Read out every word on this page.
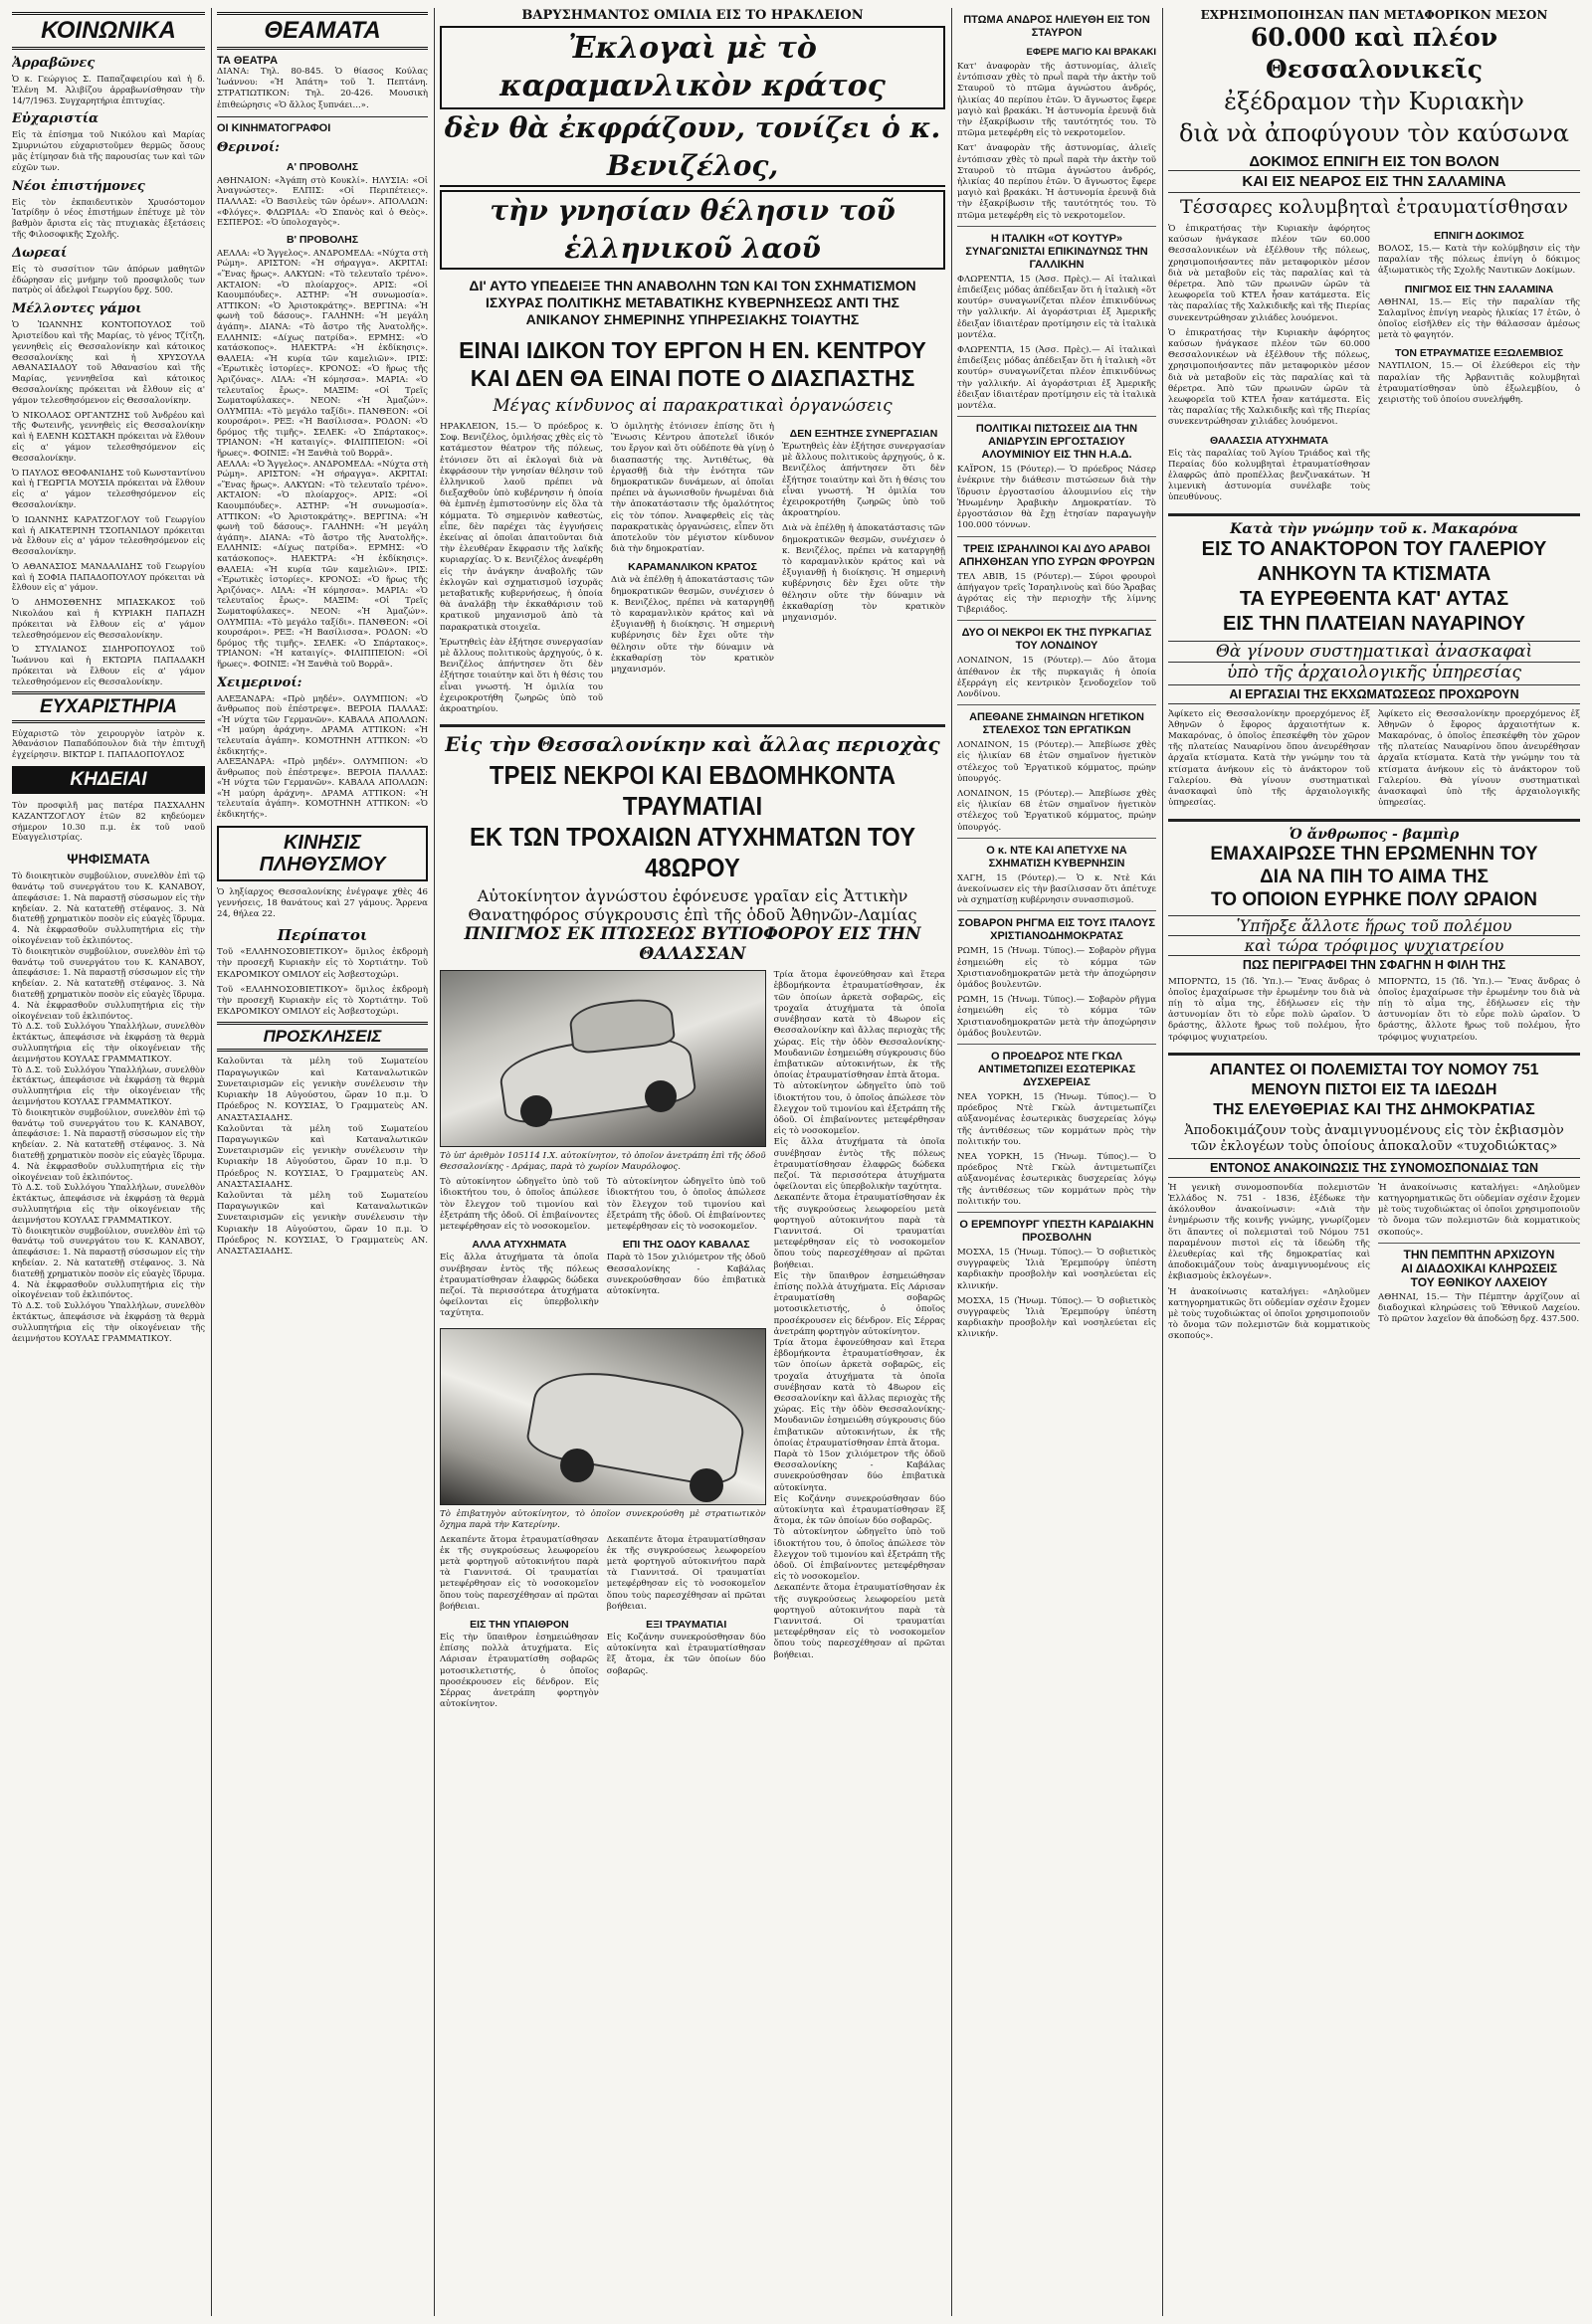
ΚΟΙΝΩΝΙΚΑ
Ἀρραβῶνες

Ὁ κ. Γεώργιος Σ. Παπαζαφειρίου καὶ ἡ δ. Ἑλένη Μ. Ἀλιβίζου ἀρραβωνίσθησαν τὴν 14/7/1963. Συγχαρητήρια ἐπιτυχίας.

Εὐχαριστία

Εἰς τὰ ἐπίσημα τοῦ Νικόλου καὶ Μαρίας Σμυρνιώτου εὐχαριστοῦμεν θερμῶς ὅσους μᾶς ἐτίμησαν διὰ τῆς παρουσίας των καὶ τῶν εὐχῶν των.

Νέοι ἐπιστήμονες

Εἰς τὸν ἐκπαιδευτικὸν Χρυσόστομον Ἰατρίδην ὁ νέος ἐπιστήμων ἐπέτυχε μὲ τὸν βαθμὸν ἄριστα εἰς τὰς πτυχιακὰς ἐξετάσεις τῆς Φιλοσοφικῆς Σχολῆς.

Δωρεαί

Εἰς τὸ συσσίτιον τῶν ἀπόρων μαθητῶν ἐδώρησαν εἰς μνήμην τοῦ προσφιλοῦς των πατρὸς οἱ ἀδελφοὶ Γεωργίου δρχ. 500.

Μέλλοντες γάμοι

Ὁ ἸΩΑΝΝΗΣ ΚΟΝΤΟΠΟΥΛΟΣ τοῦ Ἀριστείδου καὶ τῆς Μαρίας, τὸ γένος Τζίτζη, γεννηθεὶς εἰς Θεσσαλονίκην καὶ κάτοικος Θεσσαλονίκης καὶ ἡ ΧΡΥΣΟΥΛΑ ΑΘΑΝΑΣΙΑΔΟΥ τοῦ Ἀθανασίου καὶ τῆς Μαρίας, γεννηθεῖσα καὶ κάτοικος Θεσσαλονίκης πρόκειται νὰ ἔλθουν εἰς α' γάμον τελεσθησόμενον εἰς Θεσσαλονίκην.

Ὁ ΝΙΚΟΛΑΟΣ ΟΡΓΑΝΤΖΗΣ τοῦ Ἀνδρέου καὶ τῆς Φωτεινῆς, γεννηθεὶς εἰς Θεσσαλονίκην καὶ ἡ ΕΛΕΝΗ ΚΩΣΤΑΚΗ πρόκειται νὰ ἔλθουν εἰς α' γάμον τελεσθησόμενον εἰς Θεσσαλονίκην.

Ὁ ΠΑΥΛΟΣ ΘΕΟΦΑΝΙΔΗΣ τοῦ Κωνσταντίνου καὶ ἡ ΓΕΩΡΓΙΑ ΜΟΥΣΙΑ πρόκειται νὰ ἔλθουν εἰς α' γάμον τελεσθησόμενον εἰς Θεσσαλονίκην.

Ὁ ΙΩΑΝΝΗΣ ΚΑΡΑΤΖΟΓΛΟΥ τοῦ Γεωργίου καὶ ἡ ΑΙΚΑΤΕΡΙΝΗ ΤΣΟΠΑΝΙΔΟΥ πρόκειται νὰ ἔλθουν εἰς α' γάμον τελεσθησόμενον εἰς Θεσσαλονίκην.

Ὁ ΑΘΑΝΑΣΙΟΣ ΜΑΝΔΑΛΙΔΗΣ τοῦ Γεωργίου καὶ ἡ ΣΟΦΙΑ ΠΑΠΑΔΟΠΟΥΛΟΥ πρόκειται νὰ ἔλθουν εἰς α' γάμον.

Ὁ ΔΗΜΟΣΘΕΝΗΣ ΜΠΑΣΚΑΚΟΣ τοῦ Νικολάου καὶ ἡ ΚΥΡΙΑΚΗ ΠΑΠΑΖΗ πρόκειται νὰ ἔλθουν εἰς α' γάμον τελεσθησόμενον εἰς Θεσσαλονίκην.

Ὁ ΣΤΥΛΙΑΝΟΣ ΣΙΔΗΡΟΠΟΥΛΟΣ τοῦ Ἰωάννου καὶ ἡ ΕΚΤΩΡΙΑ ΠΑΠΑΔΑΚΗ πρόκειται νὰ ἔλθουν εἰς α' γάμον τελεσθησόμενον εἰς Θεσσαλονίκην.

ΕΥΧΑΡΙΣΤΗΡΙΑ

Εὐχαριστῶ τὸν χειρουργὸν ἰατρὸν κ. Ἀθανάσιον Παπαδόπουλον διὰ τὴν ἐπιτυχῆ ἐγχείρησιν. ΒΙΚΤΩΡ Ι. ΠΑΠΑΔΟΠΟΥΛΟΣ

ΚΗΔΕΙΑΙ

Τὸν προσφιλῆ μας πατέρα ΠΑΣΧΑΛΗΝ ΚΑΖΑΝΤΖΟΓΛΟΥ ἐτῶν 82 κηδεύομεν σήμερον 10.30 π.μ. ἐκ τοῦ ναοῦ Εὐαγγελιστρίας.

ΨΗΦΙΣΜΑΤΑ

Τὸ διοικητικὸν συμβούλιον, συνελθὸν ἐπὶ τῷ θανάτῳ τοῦ συνεργάτου του Κ. ΚΑΝΑΒΟΥ, ἀπεφάσισε: 1. Νὰ παραστῇ σύσσωμον εἰς τὴν κηδείαν. 2. Νὰ κατατεθῇ στέφανος. 3. Νὰ διατεθῇ χρηματικὸν ποσὸν εἰς εὐαγὲς ἵδρυμα. 4. Νὰ ἐκφρασθοῦν συλλυπητήρια εἰς τὴν οἰκογένειαν τοῦ ἐκλιπόντος.

Τὸ διοικητικὸν συμβούλιον, συνελθὸν ἐπὶ τῷ θανάτῳ τοῦ συνεργάτου του Κ. ΚΑΝΑΒΟΥ, ἀπεφάσισε: 1. Νὰ παραστῇ σύσσωμον εἰς τὴν κηδείαν. 2. Νὰ κατατεθῇ στέφανος. 3. Νὰ διατεθῇ χρηματικὸν ποσὸν εἰς εὐαγὲς ἵδρυμα. 4. Νὰ ἐκφρασθοῦν συλλυπητήρια εἰς τὴν οἰκογένειαν τοῦ ἐκλιπόντος.

Τὸ Δ.Σ. τοῦ Συλλόγου Ὑπαλλήλων, συνελθὸν ἐκτάκτως, ἀπεφάσισε νὰ ἐκφράσῃ τὰ θερμὰ συλλυπητήρια εἰς τὴν οἰκογένειαν τῆς ἀειμνήστου ΚΟΥΛΑΣ ΓΡΑΜΜΑΤΙΚΟΥ.

Τὸ Δ.Σ. τοῦ Συλλόγου Ὑπαλλήλων, συνελθὸν ἐκτάκτως, ἀπεφάσισε νὰ ἐκφράσῃ τὰ θερμὰ συλλυπητήρια εἰς τὴν οἰκογένειαν τῆς ἀειμνήστου ΚΟΥΛΑΣ ΓΡΑΜΜΑΤΙΚΟΥ.

Τὸ διοικητικὸν συμβούλιον, συνελθὸν ἐπὶ τῷ θανάτῳ τοῦ συνεργάτου του Κ. ΚΑΝΑΒΟΥ, ἀπεφάσισε: 1. Νὰ παραστῇ σύσσωμον εἰς τὴν κηδείαν. 2. Νὰ κατατεθῇ στέφανος. 3. Νὰ διατεθῇ χρηματικὸν ποσὸν εἰς εὐαγὲς ἵδρυμα. 4. Νὰ ἐκφρασθοῦν συλλυπητήρια εἰς τὴν οἰκογένειαν τοῦ ἐκλιπόντος.

Τὸ Δ.Σ. τοῦ Συλλόγου Ὑπαλλήλων, συνελθὸν ἐκτάκτως, ἀπεφάσισε νὰ ἐκφράσῃ τὰ θερμὰ συλλυπητήρια εἰς τὴν οἰκογένειαν τῆς ἀειμνήστου ΚΟΥΛΑΣ ΓΡΑΜΜΑΤΙΚΟΥ.

Τὸ διοικητικὸν συμβούλιον, συνελθὸν ἐπὶ τῷ θανάτῳ τοῦ συνεργάτου του Κ. ΚΑΝΑΒΟΥ, ἀπεφάσισε: 1. Νὰ παραστῇ σύσσωμον εἰς τὴν κηδείαν. 2. Νὰ κατατεθῇ στέφανος. 3. Νὰ διατεθῇ χρηματικὸν ποσὸν εἰς εὐαγὲς ἵδρυμα. 4. Νὰ ἐκφρασθοῦν συλλυπητήρια εἰς τὴν οἰκογένειαν τοῦ ἐκλιπόντος.

Τὸ Δ.Σ. τοῦ Συλλόγου Ὑπαλλήλων, συνελθὸν ἐκτάκτως, ἀπεφάσισε νὰ ἐκφράσῃ τὰ θερμὰ συλλυπητήρια εἰς τὴν οἰκογένειαν τῆς ἀειμνήστου ΚΟΥΛΑΣ ΓΡΑΜΜΑΤΙΚΟΥ.

ΘΕΑΜΑΤΑ
ΤΑ ΘΕΑΤΡΑ

ΔΙΑΝΑ: Τηλ. 80-845. Ὁ θίασος Κούλας Ἰωάννου: «Ἡ Ἀπάτη» τοῦ Ἰ. Πεπτάνη. ΣΤΡΑΤΙΩΤΙΚΟΝ: Τηλ. 20-426. Μουσικὴ ἐπιθεώρησις «Ὁ ἄλλος ξυπνάει...».

ΟΙ ΚΙΝΗΜΑΤΟΓΡΑΦΟΙ
Θερινοί:
Α' ΠΡΟΒΟΛΗΣ

ΑΘΗΝΑΙΟΝ: «Ἀγάπη στὸ Κουκλί». ΗΛΥΣΙΑ: «Οἱ Ἀναγνώστες». ΕΛΠΙΣ: «Οἱ Περιπέτειες». ΠΑΛΛΑΣ: «Ὁ Βασιλεὺς τῶν ὀρέων». ΑΠΟΛΛΩΝ: «Φλόγες». ΦΛΩΡΙΔΑ: «Ὁ Σπανὸς καὶ ὁ Θεὸς». ΕΣΠΕΡΟΣ: «Ὁ ὑπολοχαγὸς».

Β' ΠΡΟΒΟΛΗΣ

ΑΕΛΛΑ: «Ὁ Ἄγγελος». ΑΝΔΡΟΜΕΔΑ: «Νύχτα στὴ Ρώμη». ΑΡΙΣΤΟΝ: «Ἡ σήραγγα». ΑΚΡΙΤΑΙ: «Ἕνας ἥρως». ΑΛΚΥΩΝ: «Τὸ τελευταῖο τρένο». ΑΚΤΑΙΟΝ: «Ὁ πλοίαρχος». ΑΡΙΣ: «Οἱ Καουμπόυδες». ΑΣΤΗΡ: «Ἡ συνωμοσία». ΑΤΤΙΚΟΝ: «Ὁ Ἀριστοκράτης». ΒΕΡΓΙΝΑ: «Ἡ φωνὴ τοῦ δάσους». ΓΑΛΗΝΗ: «Ἡ μεγάλη ἀγάπη». ΔΙΑΝΑ: «Τὸ ἄστρο τῆς Ἀνατολῆς». ΕΛΛΗΝΙΣ: «Δίχως πατρίδα». ΕΡΜΗΣ: «Ὁ κατάσκοπος». ΗΛΕΚΤΡΑ: «Ἡ ἐκδίκησις». ΘΑΛΕΙΑ: «Ἡ κυρία τῶν καμελιῶν». ΙΡΙΣ: «Ἐρωτικὲς ἱστορίες». ΚΡΟΝΟΣ: «Ὁ ἥρως τῆς Ἀριζόνας». ΛΙΛΑ: «Ἡ κόμησσα». ΜΑΡΙΑ: «Ὁ τελευταῖος ἔρως». ΜΑΞΙΜ: «Οἱ Τρεῖς Σωματοφύλακες». ΝΕΟΝ: «Ἡ Ἀμαζών». ΟΛΥΜΠΙΑ: «Τὸ μεγάλο ταξίδι». ΠΑΝΘΕΟΝ: «Οἱ κουρσάροι». ΡΕΞ: «Ἡ Βασίλισσα». ΡΟΔΟΝ: «Ὁ δρόμος τῆς τιμῆς». ΣΕΛΕΚ: «Ὁ Σπάρτακος». ΤΡΙΑΝΟΝ: «Ἡ καταιγίς». ΦΙΛΙΠΠΕΙΟΝ: «Οἱ ἥρωες». ΦΟΙΝΙΞ: «Ἡ Ξανθιὰ τοῦ Βορρᾶ».

ΑΕΛΛΑ: «Ὁ Ἄγγελος». ΑΝΔΡΟΜΕΔΑ: «Νύχτα στὴ Ρώμη». ΑΡΙΣΤΟΝ: «Ἡ σήραγγα». ΑΚΡΙΤΑΙ: «Ἕνας ἥρως». ΑΛΚΥΩΝ: «Τὸ τελευταῖο τρένο». ΑΚΤΑΙΟΝ: «Ὁ πλοίαρχος». ΑΡΙΣ: «Οἱ Καουμπόυδες». ΑΣΤΗΡ: «Ἡ συνωμοσία». ΑΤΤΙΚΟΝ: «Ὁ Ἀριστοκράτης». ΒΕΡΓΙΝΑ: «Ἡ φωνὴ τοῦ δάσους». ΓΑΛΗΝΗ: «Ἡ μεγάλη ἀγάπη». ΔΙΑΝΑ: «Τὸ ἄστρο τῆς Ἀνατολῆς». ΕΛΛΗΝΙΣ: «Δίχως πατρίδα». ΕΡΜΗΣ: «Ὁ κατάσκοπος». ΗΛΕΚΤΡΑ: «Ἡ ἐκδίκησις». ΘΑΛΕΙΑ: «Ἡ κυρία τῶν καμελιῶν». ΙΡΙΣ: «Ἐρωτικὲς ἱστορίες». ΚΡΟΝΟΣ: «Ὁ ἥρως τῆς Ἀριζόνας». ΛΙΛΑ: «Ἡ κόμησσα». ΜΑΡΙΑ: «Ὁ τελευταῖος ἔρως». ΜΑΞΙΜ: «Οἱ Τρεῖς Σωματοφύλακες». ΝΕΟΝ: «Ἡ Ἀμαζών». ΟΛΥΜΠΙΑ: «Τὸ μεγάλο ταξίδι». ΠΑΝΘΕΟΝ: «Οἱ κουρσάροι». ΡΕΞ: «Ἡ Βασίλισσα». ΡΟΔΟΝ: «Ὁ δρόμος τῆς τιμῆς». ΣΕΛΕΚ: «Ὁ Σπάρτακος». ΤΡΙΑΝΟΝ: «Ἡ καταιγίς». ΦΙΛΙΠΠΕΙΟΝ: «Οἱ ἥρωες». ΦΟΙΝΙΞ: «Ἡ Ξανθιὰ τοῦ Βορρᾶ».

Χειμερινοί:

ΑΛΕΞΑΝΔΡΑ: «Πρὸ μηδέν». ΟΛΥΜΠΙΟΝ: «Ὁ ἄνθρωπος ποὺ ἐπέστρεψε». ΒΕΡΟΙΑ ΠΑΛΛΑΣ: «Ἡ νύχτα τῶν Γερμανῶν». ΚΑΒΑΛΑ ΑΠΟΛΛΩΝ: «Ἡ μαύρη ἀράχνη». ΔΡΑΜΑ ΑΤΤΙΚΟΝ: «Ἡ τελευταία ἀγάπη». ΚΟΜΟΤΗΝΗ ΑΤΤΙΚΟΝ: «Ὁ ἐκδικητής».

ΑΛΕΞΑΝΔΡΑ: «Πρὸ μηδέν». ΟΛΥΜΠΙΟΝ: «Ὁ ἄνθρωπος ποὺ ἐπέστρεψε». ΒΕΡΟΙΑ ΠΑΛΛΑΣ: «Ἡ νύχτα τῶν Γερμανῶν». ΚΑΒΑΛΑ ΑΠΟΛΛΩΝ: «Ἡ μαύρη ἀράχνη». ΔΡΑΜΑ ΑΤΤΙΚΟΝ: «Ἡ τελευταία ἀγάπη». ΚΟΜΟΤΗΝΗ ΑΤΤΙΚΟΝ: «Ὁ ἐκδικητής».

ΚΙΝΗΣΙΣ ΠΛΗΘΥΣΜΟΥ

Ὁ ληξίαρχος Θεσσαλονίκης ἐνέγραψε χθὲς 46 γεννήσεις, 18 θανάτους καὶ 27 γάμους. Ἄρρενα 24, θήλεα 22.

Περίπατοι

Τοῦ «ΕΛΛΗΝΟΣΟΒΙΕΤΙΚΟΥ» ὅμιλος ἐκδρομὴ τὴν προσεχῆ Κυριακὴν εἰς τὸ Χορτιάτην. Τοῦ ΕΚΔΡΟΜΙΚΟΥ ΟΜΙΛΟΥ εἰς Ἀσβεστοχώρι.

Τοῦ «ΕΛΛΗΝΟΣΟΒΙΕΤΙΚΟΥ» ὅμιλος ἐκδρομὴ τὴν προσεχῆ Κυριακὴν εἰς τὸ Χορτιάτην. Τοῦ ΕΚΔΡΟΜΙΚΟΥ ΟΜΙΛΟΥ εἰς Ἀσβεστοχώρι.

ΠΡΟΣΚΛΗΣΕΙΣ

Καλοῦνται τὰ μέλη τοῦ Σωματείου Παραγωγικῶν καὶ Καταναλωτικῶν Συνεταιρισμῶν εἰς γενικὴν συνέλευσιν τὴν Κυριακὴν 18 Αὐγούστου, ὥραν 10 π.μ. Ὁ Πρόεδρος Ν. ΚΟΥΣΙΑΣ, Ὁ Γραμματεὺς ΑΝ. ΑΝΑΣΤΑΣΙΑΔΗΣ.

Καλοῦνται τὰ μέλη τοῦ Σωματείου Παραγωγικῶν καὶ Καταναλωτικῶν Συνεταιρισμῶν εἰς γενικὴν συνέλευσιν τὴν Κυριακὴν 18 Αὐγούστου, ὥραν 10 π.μ. Ὁ Πρόεδρος Ν. ΚΟΥΣΙΑΣ, Ὁ Γραμματεὺς ΑΝ. ΑΝΑΣΤΑΣΙΑΔΗΣ.

Καλοῦνται τὰ μέλη τοῦ Σωματείου Παραγωγικῶν καὶ Καταναλωτικῶν Συνεταιρισμῶν εἰς γενικὴν συνέλευσιν τὴν Κυριακὴν 18 Αὐγούστου, ὥραν 10 π.μ. Ὁ Πρόεδρος Ν. ΚΟΥΣΙΑΣ, Ὁ Γραμματεὺς ΑΝ. ΑΝΑΣΤΑΣΙΑΔΗΣ.

ΒΑΡΥΣΗΜΑΝΤΟΣ ΟΜΙΛΙΑ ΕΙΣ ΤΟ ΗΡΑΚΛΕΙΟΝ
Ἐκλογαὶ μὲ τὸ καραμανλικὸν κράτος
δὲν θὰ ἐκφράζουν, τονίζει ὁ κ. Βενιζέλος,
τὴν γνησίαν θέλησιν τοῦ ἑλληνικοῦ λαοῦ
ΔΙ' ΑΥΤΟ ΥΠΕΔΕΙΞΕ ΤΗΝ ΑΝΑΒΟΛΗΝ ΤΩΝ ΚΑΙ ΤΟΝ ΣΧΗΜΑΤΙΣΜΟΝ ΙΣΧΥΡΑΣ ΠΟΛΙΤΙΚΗΣ ΜΕΤΑΒΑΤΙΚΗΣ ΚΥΒΕΡΝΗΣΕΩΣ ΑΝΤΙ ΤΗΣ ΑΝΙΚΑΝΟΥ ΣΗΜΕΡΙΝΗΣ ΥΠΗΡΕΣΙΑΚΗΣ ΤΟΙΑΥΤΗΣ
ΕΙΝΑΙ ΙΔΙΚΟΝ ΤΟΥ ΕΡΓΟΝ Η ΕΝ. ΚΕΝΤΡΟΥ
ΚΑΙ ΔΕΝ ΘΑ ΕΙΝΑΙ ΠΟΤΕ Ο ΔΙΑΣΠΑΣΤΗΣ
Μέγας κίνδυνος αἱ παρακρατικαὶ ὀργανώσεις

ΗΡΑΚΛΕΙΟΝ, 15.— Ὁ πρόεδρος κ. Σοφ. Βενιζέλος, ὁμιλήσας χθὲς εἰς τὸ κατάμεστον θέατρον τῆς πόλεως, ἐτόνισεν ὅτι αἱ ἐκλογαὶ διὰ νὰ ἐκφράσουν τὴν γνησίαν θέλησιν τοῦ ἑλληνικοῦ λαοῦ πρέπει νὰ διεξαχθοῦν ὑπὸ κυβέρνησιν ἡ ὁποία θὰ ἐμπνέῃ ἐμπιστοσύνην εἰς ὅλα τὰ κόμματα. Τὸ σημερινὸν καθεστὼς, εἶπε, δὲν παρέχει τὰς ἐγγυήσεις ἐκείνας αἱ ὁποῖαι ἀπαιτοῦνται διὰ τὴν ἐλευθέραν ἔκφρασιν τῆς λαϊκῆς κυριαρχίας. Ὁ κ. Βενιζέλος ἀνεφέρθη εἰς τὴν ἀνάγκην ἀναβολῆς τῶν ἐκλογῶν καὶ σχηματισμοῦ ἰσχυρᾶς μεταβατικῆς κυβερνήσεως, ἡ ὁποία θὰ ἀναλάβῃ τὴν ἐκκαθάρισιν τοῦ κρατικοῦ μηχανισμοῦ ἀπὸ τὰ παρακρατικὰ στοιχεῖα.

Ἐρωτηθεὶς ἐὰν ἐξήτησε συνεργασίαν μὲ ἄλλους πολιτικοὺς ἀρχηγούς, ὁ κ. Βενιζέλος ἀπήντησεν ὅτι δὲν ἐξήτησε τοιαύτην καὶ ὅτι ἡ θέσις του εἶναι γνωστή. Ἡ ὁμιλία του ἐχειροκροτήθη ζωηρῶς ὑπὸ τοῦ ἀκροατηρίου.

Ὁ ὁμιλητὴς ἐτόνισεν ἐπίσης ὅτι ἡ Ἕνωσις Κέντρου ἀποτελεῖ ἰδικόν του ἔργον καὶ ὅτι οὐδέποτε θὰ γίνῃ ὁ διασπαστής της. Ἀντιθέτως, θὰ ἐργασθῇ διὰ τὴν ἑνότητα τῶν δημοκρατικῶν δυνάμεων, αἱ ὁποῖαι πρέπει νὰ ἀγωνισθοῦν ἡνωμέναι διὰ τὴν ἀποκατάστασιν τῆς ὁμαλότητος εἰς τὸν τόπον. Ἀναφερθεὶς εἰς τὰς παρακρατικὰς ὀργανώσεις, εἶπεν ὅτι ἀποτελοῦν τὸν μέγιστον κίνδυνον διὰ τὴν δημοκρατίαν.

ΚΑΡΑΜΑΝΛΙΚΟΝ ΚΡΑΤΟΣ

Διὰ νὰ ἐπέλθῃ ἡ ἀποκατάστασις τῶν δημοκρατικῶν θεσμῶν, συνέχισεν ὁ κ. Βενιζέλος, πρέπει νὰ καταργηθῇ τὸ καραμανλικὸν κράτος καὶ νὰ ἐξυγιανθῇ ἡ διοίκησις. Ἡ σημερινὴ κυβέρνησις δὲν ἔχει οὔτε τὴν θέλησιν οὔτε τὴν δύναμιν νὰ ἐκκαθαρίσῃ τὸν κρατικὸν μηχανισμόν.

ΔΕΝ ΕΞΗΤΗΣΕ ΣΥΝΕΡΓΑΣΙΑΝ

Ἐρωτηθεὶς ἐὰν ἐξήτησε συνεργασίαν μὲ ἄλλους πολιτικοὺς ἀρχηγούς, ὁ κ. Βενιζέλος ἀπήντησεν ὅτι δὲν ἐξήτησε τοιαύτην καὶ ὅτι ἡ θέσις του εἶναι γνωστή. Ἡ ὁμιλία του ἐχειροκροτήθη ζωηρῶς ὑπὸ τοῦ ἀκροατηρίου.

Διὰ νὰ ἐπέλθῃ ἡ ἀποκατάστασις τῶν δημοκρατικῶν θεσμῶν, συνέχισεν ὁ κ. Βενιζέλος, πρέπει νὰ καταργηθῇ τὸ καραμανλικὸν κράτος καὶ νὰ ἐξυγιανθῇ ἡ διοίκησις. Ἡ σημερινὴ κυβέρνησις δὲν ἔχει οὔτε τὴν θέλησιν οὔτε τὴν δύναμιν νὰ ἐκκαθαρίσῃ τὸν κρατικὸν μηχανισμόν.

Εἰς τὴν Θεσσαλονίκην καὶ ἄλλας περιοχὰς
ΤΡΕΙΣ ΝΕΚΡΟΙ ΚΑΙ ΕΒΔΟΜΗΚΟΝΤΑ ΤΡΑΥΜΑΤΙΑΙ
ΕΚ ΤΩΝ ΤΡΟΧΑΙΩΝ ΑΤΥΧΗΜΑΤΩΝ ΤΟΥ 48ΩΡΟΥ
Αὐτοκίνητον ἀγνώστου ἐφόνευσε γραῖαν εἰς Ἀττικὴν
Θανατηφόρος σύγκρουσις ἐπὶ τῆς ὁδοῦ Ἀθηνῶν-Λαμίας
ΠΝΙΓΜΟΣ ΕΚ ΠΤΩΣΕΩΣ ΒΥΤΙΟΦΟΡΟΥ ΕΙΣ ΤΗΝ ΘΑΛΑΣΣΑΝ

Τὸ ὑπ' ἀριθμὸν 105114 Ι.Χ. αὐτοκίνητον, τὸ ὁποῖον ἀνετράπη ἐπὶ τῆς ὁδοῦ Θεσσαλονίκης - Δράμας, παρὰ τὸ χωρίον Μαυρόλοφος.

Τὸ αὐτοκίνητον ὡδηγεῖτο ὑπὸ τοῦ ἰδιοκτήτου του, ὁ ὁποῖος ἀπώλεσε τὸν ἔλεγχον τοῦ τιμονίου καὶ ἐξετράπη τῆς ὁδοῦ. Οἱ ἐπιβαίνοντες μετεφέρθησαν εἰς τὸ νοσοκομεῖον.

ΑΛΛΑ ΑΤΥΧΗΜΑΤΑ

Εἰς ἄλλα ἀτυχήματα τὰ ὁποῖα συνέβησαν ἐντὸς τῆς πόλεως ἐτραυματίσθησαν ἐλαφρῶς δώδεκα πεζοί. Τὰ περισσότερα ἀτυχήματα ὀφείλονται εἰς ὑπερβολικὴν ταχύτητα.

Τὸ αὐτοκίνητον ὡδηγεῖτο ὑπὸ τοῦ ἰδιοκτήτου του, ὁ ὁποῖος ἀπώλεσε τὸν ἔλεγχον τοῦ τιμονίου καὶ ἐξετράπη τῆς ὁδοῦ. Οἱ ἐπιβαίνοντες μετεφέρθησαν εἰς τὸ νοσοκομεῖον.

ΕΠΙ ΤΗΣ ΟΔΟΥ ΚΑΒΑΛΑΣ

Παρὰ τὸ 15ον χιλιόμετρον τῆς ὁδοῦ Θεσσαλονίκης - Καβάλας συνεκρούσθησαν δύο ἐπιβατικὰ αὐτοκίνητα.

Τὸ ἐπιβατηγὸν αὐτοκίνητον, τὸ ὁποῖον συνεκρούσθη μὲ στρατιωτικὸν ὄχημα παρὰ τὴν Κατερίνην.

Δεκαπέντε ἄτομα ἐτραυματίσθησαν ἐκ τῆς συγκρούσεως λεωφορείου μετὰ φορτηγοῦ αὐτοκινήτου παρὰ τὰ Γιαννιτσά. Οἱ τραυματίαι μετεφέρθησαν εἰς τὸ νοσοκομεῖον ὅπου τοὺς παρεσχέθησαν αἱ πρῶται βοήθειαι.

ΕΙΣ ΤΗΝ ΥΠΑΙΘΡΟΝ

Εἰς τὴν ὕπαιθρον ἐσημειώθησαν ἐπίσης πολλὰ ἀτυχήματα. Εἰς Λάρισαν ἐτραυματίσθη σοβαρῶς μοτοσικλετιστής, ὁ ὁποῖος προσέκρουσεν εἰς δένδρον. Εἰς Σέρρας ἀνετράπη φορτηγὸν αὐτοκίνητον.

Δεκαπέντε ἄτομα ἐτραυματίσθησαν ἐκ τῆς συγκρούσεως λεωφορείου μετὰ φορτηγοῦ αὐτοκινήτου παρὰ τὰ Γιαννιτσά. Οἱ τραυματίαι μετεφέρθησαν εἰς τὸ νοσοκομεῖον ὅπου τοὺς παρεσχέθησαν αἱ πρῶται βοήθειαι.

ΕΞΙ ΤΡΑΥΜΑΤΙΑΙ

Εἰς Κοζάνην συνεκρούσθησαν δύο αὐτοκίνητα καὶ ἐτραυματίσθησαν ἓξ ἄτομα, ἐκ τῶν ὁποίων δύο σοβαρῶς.

Τρία ἄτομα ἐφονεύθησαν καὶ ἕτερα ἑβδομήκοντα ἐτραυματίσθησαν, ἐκ τῶν ὁποίων ἀρκετὰ σοβαρῶς, εἰς τροχαῖα ἀτυχήματα τὰ ὁποῖα συνέβησαν κατὰ τὸ 48ωρον εἰς Θεσσαλονίκην καὶ ἄλλας περιοχὰς τῆς χώρας. Εἰς τὴν ὁδὸν Θεσσαλονίκης-Μουδανιῶν ἐσημειώθη σύγκρουσις δύο ἐπιβατικῶν αὐτοκινήτων, ἐκ τῆς ὁποίας ἐτραυματίσθησαν ἑπτὰ ἄτομα.

Τὸ αὐτοκίνητον ὡδηγεῖτο ὑπὸ τοῦ ἰδιοκτήτου του, ὁ ὁποῖος ἀπώλεσε τὸν ἔλεγχον τοῦ τιμονίου καὶ ἐξετράπη τῆς ὁδοῦ. Οἱ ἐπιβαίνοντες μετεφέρθησαν εἰς τὸ νοσοκομεῖον.

Εἰς ἄλλα ἀτυχήματα τὰ ὁποῖα συνέβησαν ἐντὸς τῆς πόλεως ἐτραυματίσθησαν ἐλαφρῶς δώδεκα πεζοί. Τὰ περισσότερα ἀτυχήματα ὀφείλονται εἰς ὑπερβολικὴν ταχύτητα.

Δεκαπέντε ἄτομα ἐτραυματίσθησαν ἐκ τῆς συγκρούσεως λεωφορείου μετὰ φορτηγοῦ αὐτοκινήτου παρὰ τὰ Γιαννιτσά. Οἱ τραυματίαι μετεφέρθησαν εἰς τὸ νοσοκομεῖον ὅπου τοὺς παρεσχέθησαν αἱ πρῶται βοήθειαι.

Εἰς τὴν ὕπαιθρον ἐσημειώθησαν ἐπίσης πολλὰ ἀτυχήματα. Εἰς Λάρισαν ἐτραυματίσθη σοβαρῶς μοτοσικλετιστής, ὁ ὁποῖος προσέκρουσεν εἰς δένδρον. Εἰς Σέρρας ἀνετράπη φορτηγὸν αὐτοκίνητον.

Τρία ἄτομα ἐφονεύθησαν καὶ ἕτερα ἑβδομήκοντα ἐτραυματίσθησαν, ἐκ τῶν ὁποίων ἀρκετὰ σοβαρῶς, εἰς τροχαῖα ἀτυχήματα τὰ ὁποῖα συνέβησαν κατὰ τὸ 48ωρον εἰς Θεσσαλονίκην καὶ ἄλλας περιοχὰς τῆς χώρας. Εἰς τὴν ὁδὸν Θεσσαλονίκης-Μουδανιῶν ἐσημειώθη σύγκρουσις δύο ἐπιβατικῶν αὐτοκινήτων, ἐκ τῆς ὁποίας ἐτραυματίσθησαν ἑπτὰ ἄτομα.

Παρὰ τὸ 15ον χιλιόμετρον τῆς ὁδοῦ Θεσσαλονίκης - Καβάλας συνεκρούσθησαν δύο ἐπιβατικὰ αὐτοκίνητα.

Εἰς Κοζάνην συνεκρούσθησαν δύο αὐτοκίνητα καὶ ἐτραυματίσθησαν ἓξ ἄτομα, ἐκ τῶν ὁποίων δύο σοβαρῶς.

Τὸ αὐτοκίνητον ὡδηγεῖτο ὑπὸ τοῦ ἰδιοκτήτου του, ὁ ὁποῖος ἀπώλεσε τὸν ἔλεγχον τοῦ τιμονίου καὶ ἐξετράπη τῆς ὁδοῦ. Οἱ ἐπιβαίνοντες μετεφέρθησαν εἰς τὸ νοσοκομεῖον.

Δεκαπέντε ἄτομα ἐτραυματίσθησαν ἐκ τῆς συγκρούσεως λεωφορείου μετὰ φορτηγοῦ αὐτοκινήτου παρὰ τὰ Γιαννιτσά. Οἱ τραυματίαι μετεφέρθησαν εἰς τὸ νοσοκομεῖον ὅπου τοὺς παρεσχέθησαν αἱ πρῶται βοήθειαι.

ΠΤΩΜΑ ΑΝΔΡΟΣ ΗΛΙΕΥΘΗ ΕΙΣ ΤΟΝ ΣΤΑΥΡΟΝ
ΕΦΕΡΕ ΜΑΓΙΟ ΚΑΙ ΒΡΑΚΑΚΙ

Κατ' ἀναφορὰν τῆς ἀστυνομίας, ἁλιεῖς ἐντόπισαν χθὲς τὸ πρωῒ παρὰ τὴν ἀκτὴν τοῦ Σταυροῦ τὸ πτῶμα ἀγνώστου ἀνδρός, ἡλικίας 40 περίπου ἐτῶν. Ὁ ἄγνωστος ἔφερε μαγιὸ καὶ βρακάκι. Ἡ ἀστυνομία ἐρευνᾷ διὰ τὴν ἐξακρίβωσιν τῆς ταυτότητός του. Τὸ πτῶμα μετεφέρθη εἰς τὸ νεκροτομεῖον.

Κατ' ἀναφορὰν τῆς ἀστυνομίας, ἁλιεῖς ἐντόπισαν χθὲς τὸ πρωῒ παρὰ τὴν ἀκτὴν τοῦ Σταυροῦ τὸ πτῶμα ἀγνώστου ἀνδρός, ἡλικίας 40 περίπου ἐτῶν. Ὁ ἄγνωστος ἔφερε μαγιὸ καὶ βρακάκι. Ἡ ἀστυνομία ἐρευνᾷ διὰ τὴν ἐξακρίβωσιν τῆς ταυτότητός του. Τὸ πτῶμα μετεφέρθη εἰς τὸ νεκροτομεῖον.

Η ΙΤΑΛΙΚΗ «ΟΤ ΚΟΥΤΥΡ» ΣΥΝΑΓΩΝΙΣΤΑΙ ΕΠΙΚΙΝΔΥΝΩΣ ΤΗΝ ΓΑΛΛΙΚΗΝ

ΦΛΩΡΕΝΤΙΑ, 15 (Ἀσσ. Πρὲς).— Αἱ ἰταλικαὶ ἐπιδείξεις μόδας ἀπέδειξαν ὅτι ἡ ἰταλικὴ «ὂτ κουτύρ» συναγωνίζεται πλέον ἐπικινδύνως τὴν γαλλικήν. Αἱ ἀγοράστριαι ἐξ Ἀμερικῆς ἐδειξαν ἰδιαιτέραν προτίμησιν εἰς τὰ ἰταλικὰ μοντέλα.

ΦΛΩΡΕΝΤΙΑ, 15 (Ἀσσ. Πρὲς).— Αἱ ἰταλικαὶ ἐπιδείξεις μόδας ἀπέδειξαν ὅτι ἡ ἰταλικὴ «ὂτ κουτύρ» συναγωνίζεται πλέον ἐπικινδύνως τὴν γαλλικήν. Αἱ ἀγοράστριαι ἐξ Ἀμερικῆς ἐδειξαν ἰδιαιτέραν προτίμησιν εἰς τὰ ἰταλικὰ μοντέλα.

ΠΟΛΙΤΙΚΑΙ ΠΙΣΤΩΣΕΙΣ ΔΙΑ ΤΗΝ ΑΝΙΔΡΥΣΙΝ ΕΡΓΟΣΤΑΣΙΟΥ ΑΛΟΥΜΙΝΙΟΥ ΕΙΣ ΤΗΝ Η.Α.Δ.

ΚΑΪΡΟΝ, 15 (Ρόυτερ).— Ὁ πρόεδρος Νάσερ ἐνέκρινε τὴν διάθεσιν πιστώσεων διὰ τὴν ἵδρυσιν ἐργοστασίου ἀλουμινίου εἰς τὴν Ἡνωμένην Ἀραβικὴν Δημοκρατίαν. Τὸ ἐργοστάσιον θὰ ἔχῃ ἐτησίαν παραγωγὴν 100.000 τόννων.

ΤΡΕΙΣ ΙΣΡΑΗΛΙΝΟΙ ΚΑΙ ΔΥΟ ΑΡΑΒΟΙ ΑΠΗΧΘΗΣΑΝ ΥΠΟ ΣΥΡΩΝ ΦΡΟΥΡΩΝ

ΤΕΛ ΑΒΙΒ, 15 (Ρόυτερ).— Σύροι φρουροὶ ἀπήγαγον τρεῖς Ἰσραηλινοὺς καὶ δύο Ἄραβας ἀγρότας εἰς τὴν περιοχὴν τῆς λίμνης Τιβεριάδος.

ΔΥΟ ΟΙ ΝΕΚΡΟΙ ΕΚ ΤΗΣ ΠΥΡΚΑΓΙΑΣ ΤΟΥ ΛΟΝΔΙΝΟΥ

ΛΟΝΔΙΝΟΝ, 15 (Ρόυτερ).— Δύο ἄτομα ἀπέθανον ἐκ τῆς πυρκαγιᾶς ἡ ὁποία ἐξερράγη εἰς κεντρικὸν ξενοδοχεῖον τοῦ Λονδίνου.

ΑΠΕΘΑΝΕ ΣΗΜΑΙΝΩΝ ΗΓΕΤΙΚΟΝ ΣΤΕΛΕΧΟΣ ΤΩΝ ΕΡΓΑΤΙΚΩΝ

ΛΟΝΔΙΝΟΝ, 15 (Ρόυτερ).— Ἀπεβίωσε χθὲς εἰς ἡλικίαν 68 ἐτῶν σημαῖνον ἡγετικὸν στέλεχος τοῦ Ἐργατικοῦ κόμματος, πρώην ὑπουργός.

ΛΟΝΔΙΝΟΝ, 15 (Ρόυτερ).— Ἀπεβίωσε χθὲς εἰς ἡλικίαν 68 ἐτῶν σημαῖνον ἡγετικὸν στέλεχος τοῦ Ἐργατικοῦ κόμματος, πρώην ὑπουργός.

Ο κ. ΝΤΕ ΚΑΙ ΑΠΕΤΥΧΕ ΝΑ ΣΧΗΜΑΤΙΣΗ ΚΥΒΕΡΝΗΣΙΝ

ΧΑΓΗ, 15 (Ρόυτερ).— Ὁ κ. Ντὲ Κάι ἀνεκοίνωσεν εἰς τὴν βασίλισσαν ὅτι ἀπέτυχε νὰ σχηματίσῃ κυβέρνησιν συνασπισμοῦ.

ΣΟΒΑΡΟΝ ΡΗΓΜΑ ΕΙΣ ΤΟΥΣ ΙΤΑΛΟΥΣ ΧΡΙΣΤΙΑΝΟΔΗΜΟΚΡΑΤΑΣ

ΡΩΜΗ, 15 (Ἡνωμ. Τύπος).— Σοβαρὸν ρῆγμα ἐσημειώθη εἰς τὸ κόμμα τῶν Χριστιανοδημοκρατῶν μετὰ τὴν ἀποχώρησιν ὁμάδος βουλευτῶν.

ΡΩΜΗ, 15 (Ἡνωμ. Τύπος).— Σοβαρὸν ρῆγμα ἐσημειώθη εἰς τὸ κόμμα τῶν Χριστιανοδημοκρατῶν μετὰ τὴν ἀποχώρησιν ὁμάδος βουλευτῶν.

Ο ΠΡΟΕΔΡΟΣ ΝΤΕ ΓΚΩΛ ΑΝΤΙΜΕΤΩΠΙΖΕΙ ΕΣΩΤΕΡΙΚΑΣ ΔΥΣΧΕΡΕΙΑΣ

ΝΕΑ ΥΟΡΚΗ, 15 (Ἡνωμ. Τύπος).— Ὁ πρόεδρος Ντὲ Γκὼλ ἀντιμετωπίζει αὐξανομένας ἐσωτερικὰς δυσχερείας λόγῳ τῆς ἀντιθέσεως τῶν κομμάτων πρὸς τὴν πολιτικήν του.

ΝΕΑ ΥΟΡΚΗ, 15 (Ἡνωμ. Τύπος).— Ὁ πρόεδρος Ντὲ Γκὼλ ἀντιμετωπίζει αὐξανομένας ἐσωτερικὰς δυσχερείας λόγῳ τῆς ἀντιθέσεως τῶν κομμάτων πρὸς τὴν πολιτικήν του.

Ο ΕΡΕΜΠΟΥΡΓ ΥΠΕΣΤΗ ΚΑΡΔΙΑΚΗΝ ΠΡΟΣΒΟΛΗΝ

ΜΟΣΧΑ, 15 (Ἡνωμ. Τύπος).— Ὁ σοβιετικὸς συγγραφεὺς Ἰλιὰ Ἐρεμπούργ ὑπέστη καρδιακὴν προσβολὴν καὶ νοσηλεύεται εἰς κλινικήν.

ΜΟΣΧΑ, 15 (Ἡνωμ. Τύπος).— Ὁ σοβιετικὸς συγγραφεὺς Ἰλιὰ Ἐρεμπούργ ὑπέστη καρδιακὴν προσβολὴν καὶ νοσηλεύεται εἰς κλινικήν.

ΕΧΡΗΣΙΜΟΠΟΙΗΣΑΝ ΠΑΝ ΜΕΤΑΦΟΡΙΚΟΝ ΜΕΣΟΝ
60.000 καὶ πλέον Θεσσαλονικεῖς
ἐξέδραμον τὴν Κυριακὴν
διὰ νὰ ἀποφύγουν τὸν καύσωνα
ΔΟΚΙΜΟΣ ΕΠΝΙΓΗ ΕΙΣ ΤΟΝ ΒΟΛΟΝ
ΚΑΙ ΕΙΣ ΝΕΑΡΟΣ ΕΙΣ ΤΗΝ ΣΑΛΑΜΙΝΑ
Τέσσαρες κολυμβηταὶ ἐτραυματίσθησαν

Ὁ ἐπικρατήσας τὴν Κυριακὴν ἀφόρητος καύσων ἠνάγκασε πλέον τῶν 60.000 Θεσσαλονικέων νὰ ἐξέλθουν τῆς πόλεως, χρησιμοποιήσαντες πᾶν μεταφορικὸν μέσον διὰ νὰ μεταβοῦν εἰς τὰς παραλίας καὶ τὰ θέρετρα. Ἀπὸ τῶν πρωινῶν ὡρῶν τὰ λεωφορεῖα τοῦ ΚΤΕΛ ἦσαν κατάμεστα. Εἰς τὰς παραλίας τῆς Χαλκιδικῆς καὶ τῆς Πιερίας συνεκεντρώθησαν χιλιάδες λουόμενοι.

Ὁ ἐπικρατήσας τὴν Κυριακὴν ἀφόρητος καύσων ἠνάγκασε πλέον τῶν 60.000 Θεσσαλονικέων νὰ ἐξέλθουν τῆς πόλεως, χρησιμοποιήσαντες πᾶν μεταφορικὸν μέσον διὰ νὰ μεταβοῦν εἰς τὰς παραλίας καὶ τὰ θέρετρα. Ἀπὸ τῶν πρωινῶν ὡρῶν τὰ λεωφορεῖα τοῦ ΚΤΕΛ ἦσαν κατάμεστα. Εἰς τὰς παραλίας τῆς Χαλκιδικῆς καὶ τῆς Πιερίας συνεκεντρώθησαν χιλιάδες λουόμενοι.

ΘΑΛΑΣΣΙΑ ΑΤΥΧΗΜΑΤΑ

Εἰς τὰς παραλίας τοῦ Ἁγίου Τριάδος καὶ τῆς Περαίας δύο κολυμβηταὶ ἐτραυματίσθησαν ἐλαφρῶς ἀπὸ προπέλλας βενζινακάτων. Ἡ λιμενικὴ ἀστυνομία συνέλαβε τοὺς ὑπευθύνους.

ΕΠΝΙΓΗ ΔΟΚΙΜΟΣ

ΒΟΛΟΣ, 15.— Κατὰ τὴν κολύμβησιν εἰς τὴν παραλίαν τῆς πόλεως ἐπνίγη ὁ δόκιμος ἀξιωματικὸς τῆς Σχολῆς Ναυτικῶν Δοκίμων.

ΠΝΙΓΜΟΣ ΕΙΣ ΤΗΝ ΣΑΛΑΜΙΝΑ

ΑΘΗΝΑΙ, 15.— Εἰς τὴν παραλίαν τῆς Σαλαμῖνος ἐπνίγη νεαρὸς ἡλικίας 17 ἐτῶν, ὁ ὁποῖος εἰσῆλθεν εἰς τὴν θάλασσαν ἀμέσως μετὰ τὸ φαγητόν.

ΤΟΝ ΕΤΡΑΥΜΑΤΙΣΕ ΕΞΩΛΕΜΒΙΟΣ

ΝΑΥΠΛΙΟΝ, 15.— Οἱ ἐλεύθεροι εἰς τὴν παραλίαν τῆς Ἀρβανιτιᾶς κολυμβηταὶ ἐτραυματίσθησαν ὑπὸ ἐξωλεμβίου, ὁ χειριστὴς τοῦ ὁποίου συνελήφθη.

Κατὰ τὴν γνώμην τοῦ κ. Μακαρόνα
ΕΙΣ ΤΟ ΑΝΑΚΤΟΡΟΝ ΤΟΥ ΓΑΛΕΡΙΟΥ
ΑΝΗΚΟΥΝ ΤΑ ΚΤΙΣΜΑΤΑ
ΤΑ ΕΥΡΕΘΕΝΤΑ ΚΑΤ' ΑΥΤΑΣ
ΕΙΣ ΤΗΝ ΠΛΑΤΕΙΑΝ ΝΑΥΑΡΙΝΟΥ
Θὰ γίνουν συστηματικαὶ ἀνασκαφαὶ
ὑπὸ τῆς ἀρχαιολογικῆς ὑπηρεσίας
ΑΙ ΕΡΓΑΣΙΑΙ ΤΗΣ ΕΚΧΩΜΑΤΩΣΕΩΣ ΠΡΟΧΩΡΟΥΝ

Ἀφίκετο εἰς Θεσσαλονίκην προερχόμενος ἐξ Ἀθηνῶν ὁ ἔφορος ἀρχαιοτήτων κ. Μακαρόνας, ὁ ὁποῖος ἐπεσκέφθη τὸν χῶρον τῆς πλατείας Ναυαρίνου ὅπου ἀνευρέθησαν ἀρχαῖα κτίσματα. Κατὰ τὴν γνώμην του τὰ κτίσματα ἀνήκουν εἰς τὸ ἀνάκτορον τοῦ Γαλερίου. Θὰ γίνουν συστηματικαὶ ἀνασκαφαὶ ὑπὸ τῆς ἀρχαιολογικῆς ὑπηρεσίας.

Ἀφίκετο εἰς Θεσσαλονίκην προερχόμενος ἐξ Ἀθηνῶν ὁ ἔφορος ἀρχαιοτήτων κ. Μακαρόνας, ὁ ὁποῖος ἐπεσκέφθη τὸν χῶρον τῆς πλατείας Ναυαρίνου ὅπου ἀνευρέθησαν ἀρχαῖα κτίσματα. Κατὰ τὴν γνώμην του τὰ κτίσματα ἀνήκουν εἰς τὸ ἀνάκτορον τοῦ Γαλερίου. Θὰ γίνουν συστηματικαὶ ἀνασκαφαὶ ὑπὸ τῆς ἀρχαιολογικῆς ὑπηρεσίας.

Ὁ ἄνθρωπος - βαμπὶρ
ΕΜΑΧΑΙΡΩΣΕ ΤΗΝ ΕΡΩΜΕΝΗΝ ΤΟΥ
ΔΙΑ ΝΑ ΠΙΗ ΤΟ ΑΙΜΑ ΤΗΣ
ΤΟ ΟΠΟΙΟΝ ΕΥΡΗΚΕ ΠΟΛΥ ΩΡΑΙΟΝ
Ὑπῆρξε ἄλλοτε ἥρως τοῦ πολέμου
καὶ τώρα τρόφιμος ψυχιατρείου
ΠΩΣ ΠΕΡΙΓΡΑΦΕΙ ΤΗΝ ΣΦΑΓΗΝ Η ΦΙΛΗ ΤΗΣ

ΜΠΟΡΝΤΩ, 15 (Ἰδ. Ὑπ.).— Ἕνας ἄνδρας ὁ ὁποῖος ἐμαχαίρωσε τὴν ἐρωμένην του διὰ νὰ πίῃ τὸ αἷμα της, ἐδήλωσεν εἰς τὴν ἀστυνομίαν ὅτι τὸ εὗρε πολὺ ὡραῖον. Ὁ δράστης, ἄλλοτε ἥρως τοῦ πολέμου, ἦτο τρόφιμος ψυχιατρείου.

ΜΠΟΡΝΤΩ, 15 (Ἰδ. Ὑπ.).— Ἕνας ἄνδρας ὁ ὁποῖος ἐμαχαίρωσε τὴν ἐρωμένην του διὰ νὰ πίῃ τὸ αἷμα της, ἐδήλωσεν εἰς τὴν ἀστυνομίαν ὅτι τὸ εὗρε πολὺ ὡραῖον. Ὁ δράστης, ἄλλοτε ἥρως τοῦ πολέμου, ἦτο τρόφιμος ψυχιατρείου.

ΑΠΑΝΤΕΣ ΟΙ ΠΟΛΕΜΙΣΤΑΙ ΤΟΥ ΝΟΜΟΥ 751
ΜΕΝΟΥΝ ΠΙΣΤΟΙ ΕΙΣ ΤΑ ΙΔΕΩΔΗ
ΤΗΣ ΕΛΕΥΘΕΡΙΑΣ ΚΑΙ ΤΗΣ ΔΗΜΟΚΡΑΤΙΑΣ
Ἀποδοκιμάζουν τοὺς ἀναμιγνυομένους εἰς τὸν ἐκβιασμὸν τῶν ἐκλογέων τοὺς ὁποίους ἀποκαλοῦν «τυχοδιώκτας»
ΕΝΤΟΝΟΣ ΑΝΑΚΟΙΝΩΣΙΣ ΤΗΣ ΣΥΝΟΜΟΣΠΟΝΔΙΑΣ ΤΩΝ

Ἡ γενικὴ συνομοσπονδία πολεμιστῶν Ἑλλάδος Ν. 751 - 1836, ἐξέδωκε τὴν ἀκόλουθον ἀνακοίνωσιν: «Διὰ τὴν ἐνημέρωσιν τῆς κοινῆς γνώμης, γνωρίζομεν ὅτι ἅπαντες οἱ πολεμισταὶ τοῦ Νόμου 751 παραμένουν πιστοὶ εἰς τὰ ἰδεώδη τῆς ἐλευθερίας καὶ τῆς δημοκρατίας καὶ ἀποδοκιμάζουν τοὺς ἀναμιγνυομένους εἰς ἐκβιασμοὺς ἐκλογέων».

Ἡ ἀνακοίνωσις καταλήγει: «Δηλοῦμεν κατηγορηματικῶς ὅτι οὐδεμίαν σχέσιν ἔχομεν μὲ τοὺς τυχοδιώκτας οἱ ὁποῖοι χρησιμοποιοῦν τὸ ὄνομα τῶν πολεμιστῶν διὰ κομματικοὺς σκοπούς».

Ἡ ἀνακοίνωσις καταλήγει: «Δηλοῦμεν κατηγορηματικῶς ὅτι οὐδεμίαν σχέσιν ἔχομεν μὲ τοὺς τυχοδιώκτας οἱ ὁποῖοι χρησιμοποιοῦν τὸ ὄνομα τῶν πολεμιστῶν διὰ κομματικοὺς σκοπούς».

ΤΗΝ ΠΕΜΠΤΗΝ ΑΡΧΙΖΟΥΝ
ΑΙ ΔΙΑΔΟΧΙΚΑΙ ΚΛΗΡΩΣΕΙΣ
ΤΟΥ ΕΘΝΙΚΟΥ ΛΑΧΕΙΟΥ

ΑΘΗΝΑΙ, 15.— Τὴν Πέμπτην ἀρχίζουν αἱ διαδοχικαὶ κληρώσεις τοῦ Ἐθνικοῦ Λαχείου. Τὸ πρῶτον λαχεῖον θὰ ἀποδώσῃ δρχ. 437.500.
